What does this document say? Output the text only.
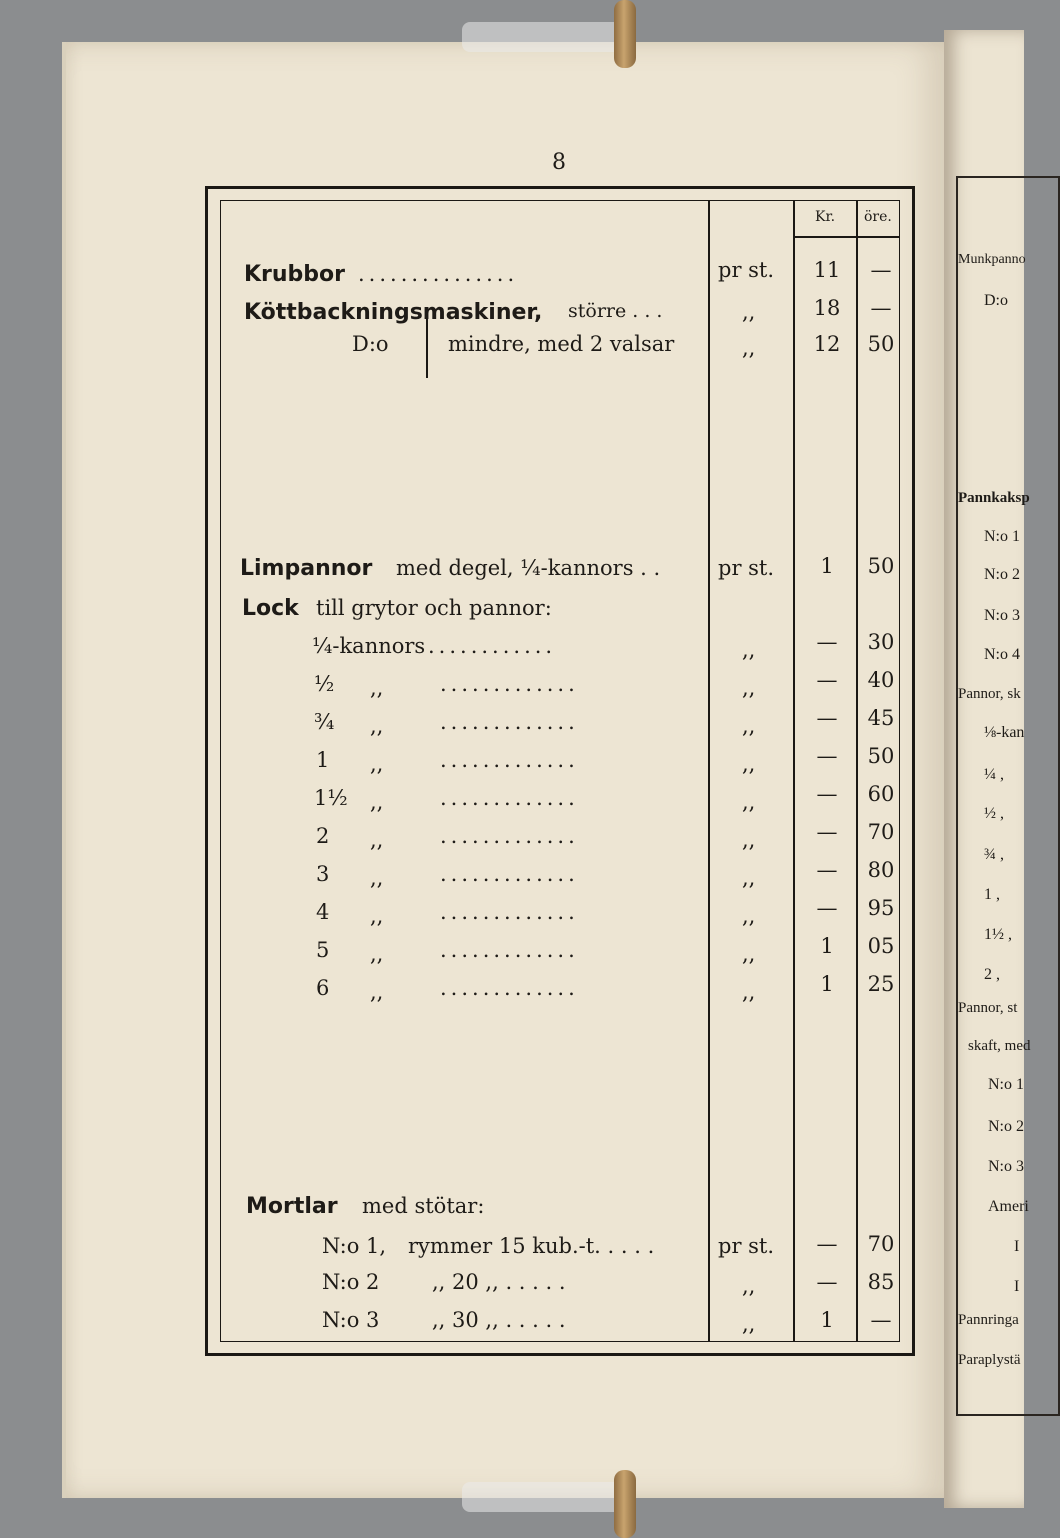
Munkpanno
D:o
Pannkaksp
N:o 1
N:o 2
N:o 3
N:o 4
Pannor, sk
⅛-kan
¼ ,
½ ,
¾ ,
1 ,
1½ ,
2 ,
Pannor, st
skaft, med
N:o 1
N:o 2
N:o 3
Ameri
I
I
Pannringa
Paraplystä
8
Kr. öre.
Krubbor ...............	pr st.	11	—
Köttbackningsmaskiner, större . . .	,,	18	—
D:o	mindre, med 2 valsar	,,	12	50
Limpannor med degel, ¼-kannors . .	pr st.	1	50
Lock till grytor och pannor:
¼-kannors ............	,,	—	30
½ ,,	.............	,,	—	40
¾ ,,	.............	,,	—	45
1 ,,	.............	,,	—	50
1½ ,,	.............	,,	—	60
2 ,,	.............	,,	—	70
3 ,,	.............	,,	—	80
4 ,,	.............	,,	—	95
5 ,,	.............	,,	1	05
6 ,,	.............	,,	1	25
Mortlar med stötar:
N:o 1, rymmer 15 kub.-t. . . . .	pr st.	—	70
N:o 2	,, 20 ,, . . . . .	,,	—	85
N:o 3	,, 30 ,, . . . . .	,,	1	—
